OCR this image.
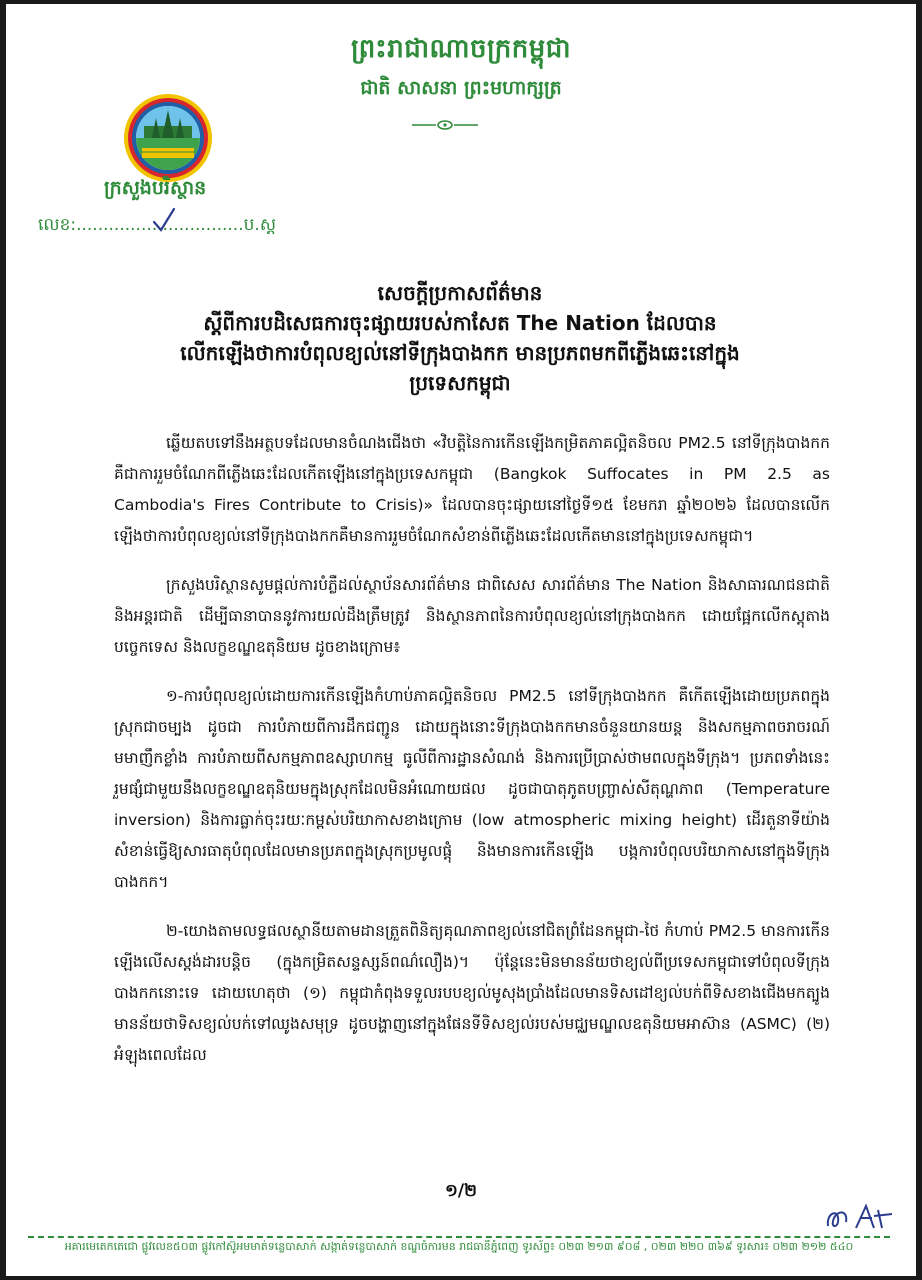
ព្រះរាជាណាចក្រកម្ពុជា
ជាតិ សាសនា ព្រះមហាក្សត្រ
ក្រសួងបរិស្ថាន
លេខ:...............................ប.ស្ត
សេចក្តីប្រកាសព័ត៌មាន
ស្តីពីការបដិសេធការចុះផ្សាយរបស់កាសែត The Nation ដែលបាន
លើកឡើងថាការបំពុលខ្យល់នៅទីក្រុងបាងកក មានប្រភពមកពីភ្លើងឆេះនៅក្នុង
ប្រទេសកម្ពុជា

ឆ្លើយតបទៅនឹងអត្ថបទដែលមានចំណងជើងថា «វិបត្តិនៃការកើនឡើងកម្រិតភាគល្អិតនិចល PM2.5 នៅទីក្រុងបាងកក គឺជាការរួមចំណែកពីភ្លើងឆេះដែលកើតឡើងនៅក្នុងប្រទេសកម្ពុជា (Bangkok Suffocates in PM 2.5 as Cambodia's Fires Contribute to Crisis)» ដែលបានចុះផ្សាយនៅថ្ងៃទី១៥ ខែមករា ឆ្នាំ២០២៦ ដែលបានលើកឡើងថាការបំពុលខ្យល់នៅទីក្រុងបាងកកគឺមានការរួមចំណែកសំខាន់ពីភ្លើងឆេះដែលកើតមាននៅក្នុងប្រទេសកម្ពុជា។

ក្រសួងបរិស្ថានសូមផ្តល់ការបំភ្លឺដល់ស្ថាប័នសារព័ត៌មាន ជាពិសេស សារព័ត៌មាន The Nation និងសាធារណជនជាតិ និងអន្តរជាតិ ដើម្បីធានាបាននូវការយល់ដឹងត្រឹមត្រូវ និងស្ថានភាពនៃការបំពុលខ្យល់នៅក្រុងបាងកក ដោយផ្អែកលើកស្តុតាងបច្ចេកទេស និងលក្ខខណ្ឌឧតុនិយម ដូចខាងក្រោម៖

១-ការបំពុលខ្យល់ដោយការកើនឡើងកំហាប់ភាគល្អិតនិចល PM2.5 នៅទីក្រុងបាងកក គឺកើតឡើងដោយប្រភពក្នុងស្រុកជាចម្បង ដូចជា ការបំភាយពីការដឹកជញ្ជូន ដោយក្នុងនោះទីក្រុងបាងកកមានចំនួនយានយន្ត និងសកម្មភាពចរាចរណ៍មមាញឹកខ្លាំង ការបំភាយពីសកម្មភាពឧស្សាហកម្ម ធូលីពីការដ្ឋានសំណង់ និងការប្រើប្រាស់ថាមពលក្នុងទីក្រុង។ ប្រភពទាំងនេះ រួមផ្សំជាមួយនឹងលក្ខខណ្ឌឧតុនិយមក្នុងស្រុកដែលមិនអំណោយផល ដូចជាបាតុភូតបញ្រ្ចាស់សីតុណ្ហភាព (Temperature inversion) និងការធ្លាក់ចុះរយៈកម្ពស់បរិយាកាសខាងក្រោម (low atmospheric mixing height) ដើរតួនាទីយ៉ាងសំខាន់ធ្វើឱ្យសារធាតុបំពុលដែលមានប្រភពក្នុងស្រុកប្រមូលផ្តុំ និងមានការកើនឡើង បង្កការបំពុលបរិយាកាសនៅក្នុងទីក្រុងបាងកក។

២-យោងតាមលទ្ធផលស្ថានីយតាមដានត្រួតពិនិត្យគុណភាពខ្យល់នៅជិតព្រំដែនកម្ពុជា-ថៃ កំហាប់ PM2.5 មានការកើនឡើងលើសស្តង់ដារបន្តិច (ក្នុងកម្រិតសន្ទស្សន៍ពណ៌លឿង)។ ប៉ុន្តែនេះមិនមានន័យថាខ្យល់ពីប្រទេសកម្ពុជាទៅបំពុលទីក្រុងបាងកកនោះទេ ដោយហេតុថា (១) កម្ពុជាកំពុងទទួលរបបខ្យល់មូសុងប្រាំងដែលមានទិសដៅខ្យល់បក់ពីទិសខាងជើងមកត្បូង មានន័យថាទិសខ្យល់បក់ទៅឈូងសមុទ្រ ដូចបង្ហាញនៅក្នុងផែនទីទិសខ្យល់របស់មជ្ឈមណ្ឌលឧតុនិយមអាស៊ាន (ASMC) (២) អំឡុងពេលដែល

១/២
អគារមេតេកតេជោ ផ្លូវលេខ៥០៣ ផ្លូវកៅស៊ូអមមាត់ទន្លេបាសាក់ សង្កាត់ទន្លេបាសាក់ ខណ្ឌចំការមន រាជធានីភ្នំពេញ ទូរស័ព្ទ៖ ០២៣ ២១៣ ៩០៨ , ០២៣ ២២០ ៣៦៩ ទូរសារ៖ ០២៣ ២១២ ៥៤០
